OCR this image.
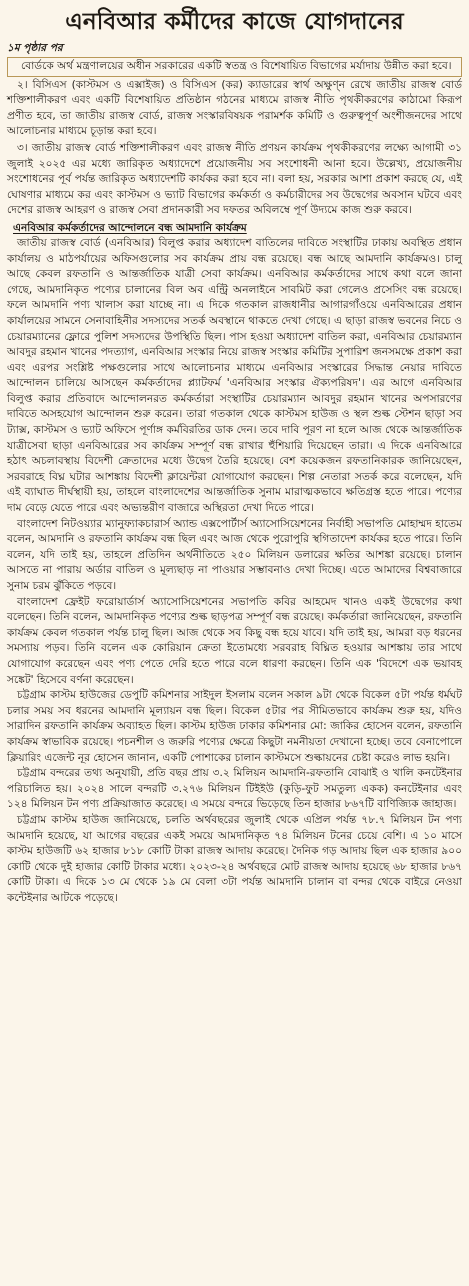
এনবিআর কর্মীদের কাজে যোগদানের
১ম পৃষ্ঠার পর
বোর্ডকে অর্থ মন্ত্রণালয়ের অধীন সরকারের একটি স্বতন্ত্র ও বিশেষায়িত বিভাগের মর্যাদায় উন্নীত করা হবে।
২। বিসিএস (কাস্টমস ও এক্সাইজ) ও বিসিএস (কর) ক্যাডারের স্বার্থ অক্ষুণ্ন রেখে জাতীয় রাজস্ব বোর্ড শক্তিশালীকরণ এবং একটি বিশেষায়িত প্রতিষ্ঠান গঠনের মাধ্যমে রাজস্ব নীতি পৃথকীকরণের কাঠামো কিরূপ প্রণীত হবে, তা জাতীয় রাজস্ব বোর্ড, রাজস্ব সংস্কারবিষয়ক পরামর্শক কমিটি ও গুরুত্বপূর্ণ অংশীজনদের সাথে আলোচনার মাধ্যমে চূড়ান্ত করা হবে।
৩। জাতীয় রাজস্ব বোর্ড শক্তিশালীকরণ এবং রাজস্ব নীতি প্রণয়ন কার্যক্রম পৃথকীকরণের লক্ষ্যে আগামী ৩১ জুলাই ২০২৫ এর মধ্যে জারিকৃত অধ্যাদেশে প্রয়োজনীয় সব সংশোধনী আনা হবে। উল্লেখ্য, প্রয়োজনীয় সংশোধনের পূর্ব পর্যন্ত জারিকৃত অধ্যাদেশটি কার্যকর করা হবে না। বলা হয়, সরকার আশা প্রকাশ করছে যে, এই ঘোষণার মাধ্যমে কর এবং কাস্টমস ও ভ্যাট বিভাগের কর্মকর্তা ও কর্মচারীদের সব উদ্বেগের অবসান ঘটবে এবং দেশের রাজস্ব আহরণ ও রাজস্ব সেবা প্রদানকারী সব দফতর অবিলম্বে পূর্ণ উদ্যমে কাজ শুরু করবে।
এনবিআর কর্মকর্তাদের আন্দোলনে বন্ধ আমদানি কার্যক্রম
জাতীয় রাজস্ব বোর্ড (এনবিআর) বিলুপ্ত করার অধ্যাদেশ বাতিলের দাবিতে সংস্থাটির ঢাকায় অবস্থিত প্রধান কার্যালয় ও মাঠপর্যায়ের অফিসগুলোর সব কার্যক্রম প্রায় বন্ধ রয়েছে। বন্ধ আছে আমদানি কার্যক্রমও। চালু আছে কেবল রফতানি ও আন্তর্জাতিক যাত্রী সেবা কার্যক্রম। এনবিআর কর্মকর্তাদের সাথে কথা বলে জানা গেছে, আমদানিকৃত পণ্যের চালানের বিল অব এন্ট্রি অনলাইনে সাবমিট করা গেলেও প্রসেসিং বন্ধ রয়েছে। ফলে আমদানি পণ্য খালাস করা যাচ্ছে না। এ দিকে গতকাল রাজধানীর আগারগাঁওয়ে এনবিআরের প্রধান কার্যালয়ের সামনে সেনাবাহিনীর সদস্যদের সতর্ক অবস্থানে থাকতে দেখা গেছে। এ ছাড়া রাজস্ব ভবনের নিচে ও চেয়ারম্যানের ফ্লোরে পুলিশ সদস্যদের উপস্থিতি ছিল। পাস হওয়া অধ্যাদেশ বাতিল করা, এনবিআর চেয়ারম্যান আবদুর রহমান খানের পদত্যাগ, এনবিআর সংস্কার নিয়ে রাজস্ব সংস্কার কমিটির সুপারিশ জনসমক্ষে প্রকাশ করা এবং এরপর সংশ্লিষ্ট পক্ষগুলোর সাথে আলোচনার মাধ্যমে এনবিআর সংস্কারের সিদ্ধান্ত নেয়ার দাবিতে আন্দোলন চালিয়ে আসছেন কর্মকর্তাদের প্ল্যাটফর্ম 'এনবিআর সংস্কার ঐক্যপরিষদ'। এর আগে এনবিআর বিলুপ্ত করার প্রতিবাদে আন্দোলনরত কর্মকর্তারা সংস্থাটির চেয়ারম্যান আবদুর রহমান খানের অপসারণের দাবিতে অসহযোগ আন্দোলন শুরু করেন। তারা গতকাল থেকে কাস্টমস হাউজ ও স্থল শুল্ক স্টেশন ছাড়া সব ট্যাক্স, কাস্টমস ও ভ্যাট অফিসে পূর্ণাঙ্গ কর্মবিরতির ডাক দেন। তবে দাবি পূরণ না হলে আজ থেকে আন্তর্জাতিক যাত্রীসেবা ছাড়া এনবিআরের সব কার্যক্রম সম্পূর্ণ বন্ধ রাখার হুঁশিয়ারি দিয়েছেন তারা। এ দিকে এনবিআরে হঠাৎ অচলাবস্থায় বিদেশী ক্রেতাদের মধ্যে উদ্বেগ তৈরি হয়েছে। বেশ কয়েকজন রফতানিকারক জানিয়েছেন, সরবরাহে বিঘ্ন ঘটার আশঙ্কায় বিদেশী ক্লায়েন্টরা যোগাযোগ করছেন। শিল্প নেতারা সতর্ক করে বলেছেন, যদি এই ব্যাঘাত দীর্ঘস্থায়ী হয়, তাহলে বাংলাদেশের আন্তর্জাতিক সুনাম মারাত্মকভাবে ক্ষতিগ্রস্ত হতে পারে। পণ্যের দাম বেড়ে যেতে পারে এবং অভ্যন্তরীণ বাজারে অস্থিরতা দেখা দিতে পারে।
বাংলাদেশ নিটওয়্যার ম্যানুফ্যাকচারার্স অ্যান্ড এক্সপোর্টার্স অ্যাসোসিয়েশনের নির্বাহী সভাপতি মোহাম্মদ হাতেম বলেন, আমদানি ও রফতানি কার্যক্রম বন্ধ ছিল এবং আজ থেকে পুরোপুরি স্থগিতাদেশ কার্যকর হতে পারে। তিনি বলেন, যদি তাই হয়, তাহলে প্রতিদিন অর্থনীতিতে ২৫০ মিলিয়ন ডলারের ক্ষতির আশঙ্কা রয়েছে। চালান আসতে না পারায় অর্ডার বাতিল ও মূল্যছাড় না পাওয়ার সম্ভাবনাও দেখা দিচ্ছে। এতে আমাদের বিশ্ববাজারে সুনাম চরম ঝুঁকিতে পড়বে।
বাংলাদেশ ফ্রেইট ফরোয়ার্ডার্স অ্যাসোসিয়েশনের সভাপতি কবির আহমেদ খানও একই উদ্বেগের কথা বলেছেন। তিনি বলেন, আমদানিকৃত পণ্যের শুল্ক ছাড়পত্র সম্পূর্ণ বন্ধ রয়েছে। কর্মকর্তারা জানিয়েছেন, রফতানি কার্যক্রম কেবল গতকাল পর্যন্ত চালু ছিল। আজ থেকে সব কিছু বন্ধ হয়ে যাবে। যদি তাই হয়, আমরা বড় ধরনের সমস্যায় পড়ব। তিনি বলেন এক কোরিয়ান ক্রেতা ইতোমধ্যে সরবরাহ বিঘ্নিত হওয়ার আশঙ্কায় তার সাথে যোগাযোগ করেছেন এবং পণ্য পেতে দেরি হতে পারে বলে ধারণা করছেন। তিনি এক 'বিদেশে এক ভয়াবহ সঙ্কেট' হিসেবে বর্ণনা করেছেন।
চট্টগ্রাম কাস্টম হাউজের ডেপুটি কমিশনার সাইদুল ইসলাম বলেন সকাল ৯টা থেকে বিকেল ৫টা পর্যন্ত ধর্মঘট চলার সময় সব ধরনের আমদানি মূল্যায়ন বন্ধ ছিল। বিকেল ৫টার পর সীমিতভাবে কার্যক্রম শুরু হয়, যদিও সারাদিন রফতানি কার্যক্রম অব্যাহত ছিল। কাস্টম হাউজ ঢাকার কমিশনার মো: জাকির হোসেন বলেন, রফতানি কার্যক্রম স্বাভাবিক রয়েছে। পচনশীল ও জরুরি পণ্যের ক্ষেত্রে কিছুটা নমনীয়তা দেখানো হচ্ছে। তবে বেনাপোলে ক্লিয়ারিং এজেন্ট নূর হোসেন জানান, একটি পোশাকের চালান কাস্টমসে শুল্কায়নের চেষ্টা করেও লাভ হয়নি।
চট্টগ্রাম বন্দরের তথ্য অনুযায়ী, প্রতি বছর প্রায় ৩.২ মিলিয়ন আমদানি-রফতানি বোঝাই ও খালি কনটেইনার পরিচালিত হয়। ২০২৪ সালে বন্দরটি ৩.২৭৬ মিলিয়ন টিইইউ (কুড়ি-ফুট সমতুল্য একক) কনটেইনার এবং ১২৪ মিলিয়ন টন পণ্য প্রক্রিয়াজাত করেছে। এ সময়ে বন্দরে ভিড়েছে তিন হাজার ৮৬৭টি বাণিজ্যিক জাহাজ।
চট্টগ্রাম কাস্টম হাউজ জানিয়েছে, চলতি অর্থবছরের জুলাই থেকে এপ্রিল পর্যন্ত ৭৮.৭ মিলিয়ন টন পণ্য আমদানি হয়েছে, যা আগের বছরের একই সময়ে আমদানিকৃত ৭৪ মিলিয়ন টনের চেয়ে বেশি। এ ১০ মাসে কাস্টম হাউজটি ৬২ হাজার ৮১৮ কোটি টাকা রাজস্ব আদায় করেছে। দৈনিক গড় আদায় ছিল এক হাজার ৯০০ কোটি থেকে দুই হাজার কোটি টাকার মধ্যে। ২০২৩-২৪ অর্থবছরে মোট রাজস্ব আদায় হয়েছে ৬৮ হাজার ৮৬৭ কোটি টাকা। এ দিকে ১৩ মে থেকে ১৯ মে বেলা ৩টা পর্যন্ত আমদানি চালান বা বন্দর থেকে বাইরে নেওয়া কন্টেইনার আটকে পড়েছে।
